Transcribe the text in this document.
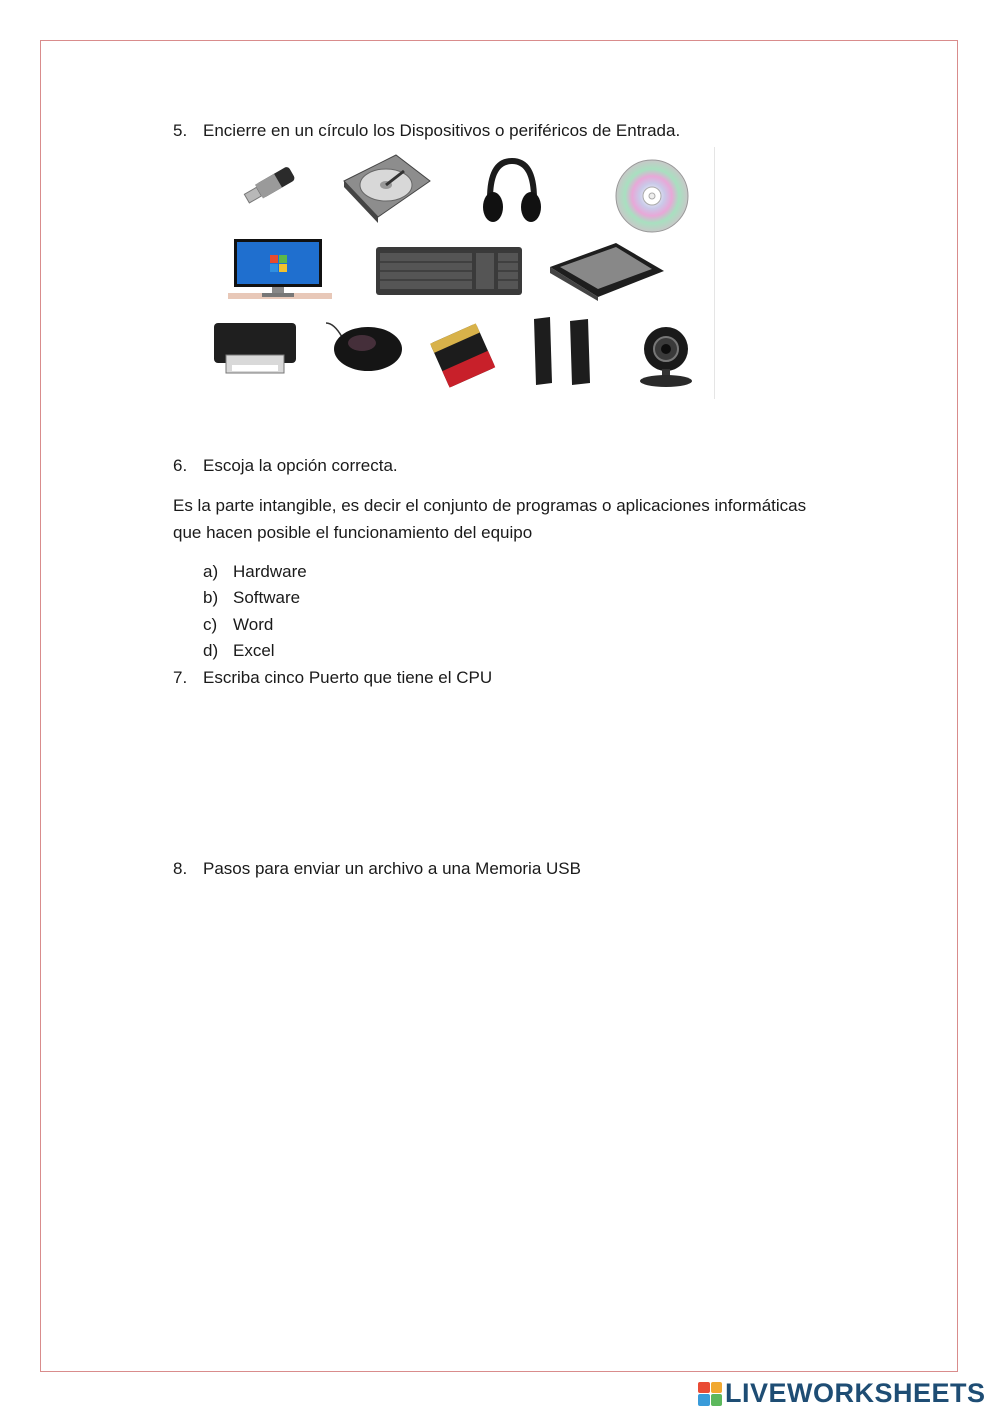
5. Encierre en un círculo los Dispositivos o periféricos de Entrada.
6. Escoja la opción correcta.
Es la parte intangible, es decir el conjunto de programas o aplicaciones informáticas
que hacen posible el funcionamiento del equipo
a) Hardware
b) Software
c) Word
d) Excel
7. Escriba cinco Puerto que tiene el CPU
8. Pasos para enviar un archivo a una Memoria USB
LIVEWORKSHEETS
